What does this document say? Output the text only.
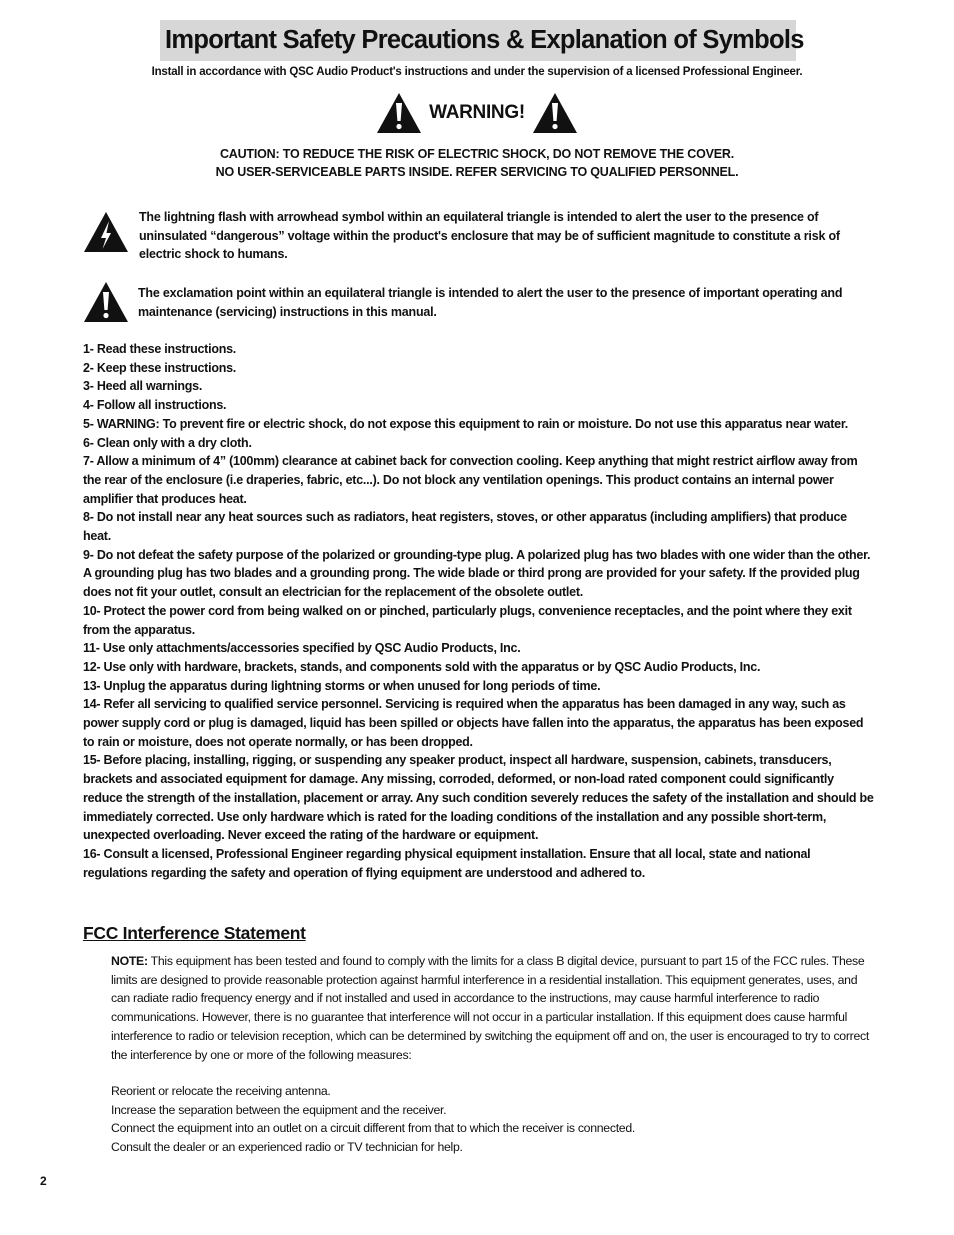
Important Safety Precautions & Explanation of Symbols
Install in accordance with QSC Audio Product's instructions and under the supervision of a licensed Professional Engineer.
WARNING!
CAUTION: TO REDUCE THE RISK OF ELECTRIC SHOCK, DO NOT REMOVE THE COVER.
NO USER-SERVICEABLE PARTS INSIDE. REFER SERVICING TO QUALIFIED PERSONNEL.
The lightning flash with arrowhead symbol within an equilateral triangle is intended to alert the user to the presence of uninsulated “dangerous” voltage within the product's enclosure that may be of sufficient magnitude to constitute a risk of electric shock to humans.
The exclamation point within an equilateral triangle is intended to alert the user to the presence of important operating and maintenance (servicing) instructions in this manual.

1- Read these instructions.

2- Keep these instructions.

3- Heed all warnings.

4- Follow all instructions.

5- WARNING: To prevent fire or electric shock, do not expose this equipment to rain or moisture. Do not use this apparatus near water.

6- Clean only with a dry cloth.

7- Allow a minimum of 4” (100mm) clearance at cabinet back for convection cooling. Keep anything that might restrict airflow away from the rear of the enclosure (i.e draperies, fabric, etc...). Do not block any ventilation openings. This product contains an internal power amplifier that produces heat.

8- Do not install near any heat sources such as radiators, heat registers, stoves, or other apparatus (including amplifiers) that produce heat.

9- Do not defeat the safety purpose of the polarized or grounding-type plug. A polarized plug has two blades with one wider than the other. A grounding plug has two blades and a grounding prong. The wide blade or third prong are provided for your safety. If the provided plug does not fit your outlet, consult an electrician for the replacement of the obsolete outlet.

10- Protect the power cord from being walked on or pinched, particularly plugs, convenience receptacles, and the point where they exit from the apparatus.

11- Use only attachments/accessories specified by QSC Audio Products, Inc.

12- Use only with hardware, brackets, stands, and components sold with the apparatus or by QSC Audio Products, Inc.

13- Unplug the apparatus during lightning storms or when unused for long periods of time.

14- Refer all servicing to qualified service personnel. Servicing is required when the apparatus has been damaged in any way, such as power supply cord or plug is damaged, liquid has been spilled or objects have fallen into the apparatus, the apparatus has been exposed to rain or moisture, does not operate normally, or has been dropped.

15- Before placing, installing, rigging, or suspending any speaker product, inspect all hardware, suspension, cabinets, transducers, brackets and associated equipment for damage. Any missing, corroded, deformed, or non-load rated component could significantly reduce the strength of the installation, placement or array. Any such condition severely reduces the safety of the installation and should be immediately corrected. Use only hardware which is rated for the loading conditions of the installation and any possible short-term, unexpected overloading. Never exceed the rating of the hardware or equipment.

16- Consult a licensed, Professional Engineer regarding physical equipment installation. Ensure that all local, state and national regulations regarding the safety and operation of flying equipment are understood and adhered to.

FCC Interference Statement

NOTE: This equipment has been tested and found to comply with the limits for a class B digital device, pursuant to part 15 of the FCC rules. These limits are designed to provide reasonable protection against harmful interference in a residential installation. This equipment generates, uses, and can radiate radio frequency energy and if not installed and used in accordance to the instructions, may cause harmful interference to radio communications. However, there is no guarantee that interference will not occur in a particular installation. If this equipment does cause harmful interference to radio or television reception, which can be determined by switching the equipment off and on, the user is encouraged to try to correct the interference by one or more of the following measures:

Reorient or relocate the receiving antenna.

Increase the separation between the equipment and the receiver.

Connect the equipment into an outlet on a circuit different from that to which the receiver is connected.

Consult the dealer or an experienced radio or TV technician for help.

2
